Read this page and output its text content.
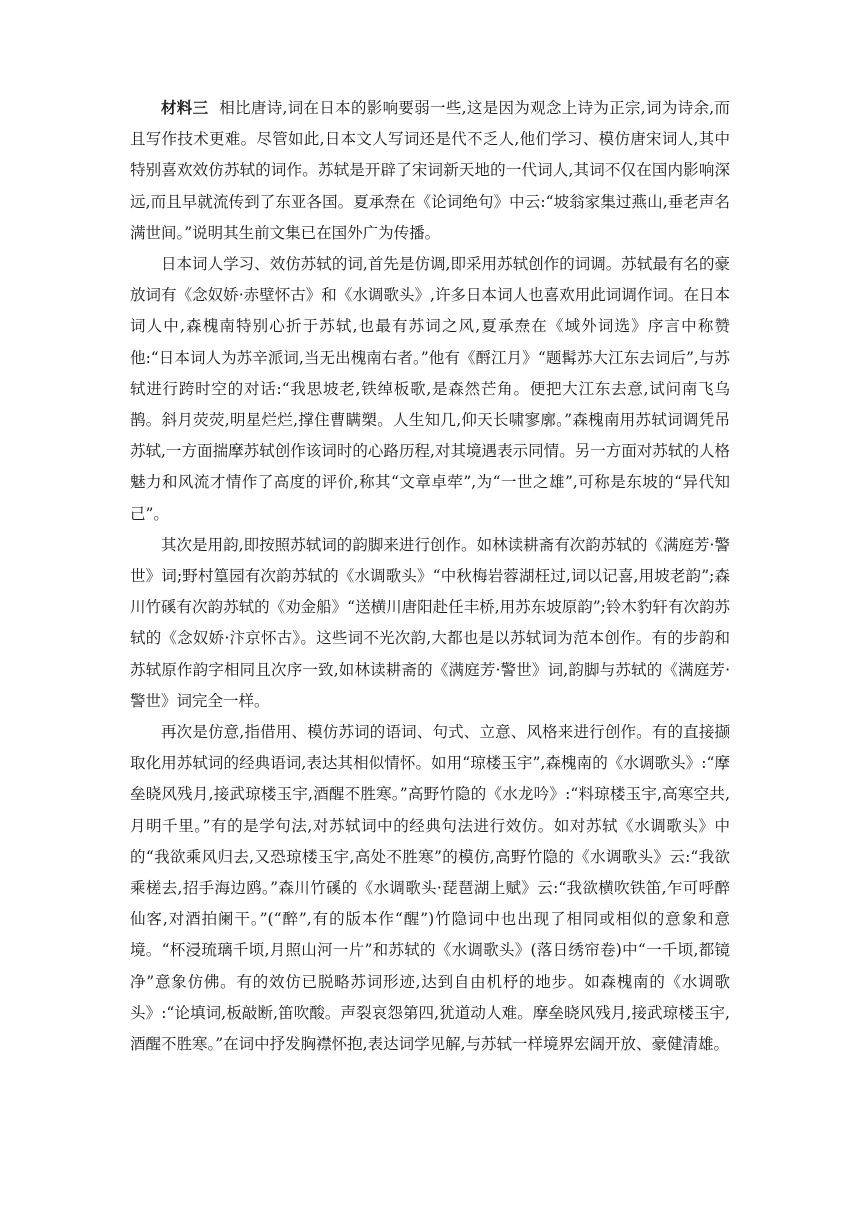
材料三 相比唐诗,词在日本的影响要弱一些,这是因为观念上诗为正宗,词为诗余,而且写作技术更难。尽管如此,日本文人写词还是代不乏人,他们学习、模仿唐宋词人,其中特别喜欢效仿苏轼的词作。苏轼是开辟了宋词新天地的一代词人,其词不仅在国内影响深远,而且早就流传到了东亚各国。夏承焘在《论词绝句》中云:“坡翁家集过燕山,垂老声名满世间。”说明其生前文集已在国外广为传播。

日本词人学习、效仿苏轼的词,首先是仿调,即采用苏轼创作的词调。苏轼最有名的豪放词有《念奴娇·赤壁怀古》和《水调歌头》,许多日本词人也喜欢用此词调作词。在日本词人中,森槐南特别心折于苏轼,也最有苏词之风,夏承焘在《域外词选》序言中称赞他:“日本词人为苏辛派词,当无出槐南右者。”他有《酹江月》“题髯苏大江东去词后”,与苏轼进行跨时空的对话:“我思坡老,铁绰板歌,是森然芒角。便把大江东去意,试问南飞乌鹊。斜月荧荧,明星烂烂,撑住曹瞒槊。人生知几,仰天长啸寥廓。”森槐南用苏轼词调凭吊苏轼,一方面揣摩苏轼创作该词时的心路历程,对其境遇表示同情。另一方面对苏轼的人格魅力和风流才情作了高度的评价,称其“文章卓荦”,为“一世之雄”,可称是东坡的“异代知己”。

其次是用韵,即按照苏轼词的韵脚来进行创作。如林读耕斋有次韵苏轼的《满庭芳·警世》词;野村篁园有次韵苏轼的《水调歌头》“中秋梅岩蓉湖枉过,词以记喜,用坡老韵”;森川竹磎有次韵苏轼的《劝金船》“送横川唐阳赴任丰桥,用苏东坡原韵”;铃木豹轩有次韵苏轼的《念奴娇·汴京怀古》。这些词不光次韵,大都也是以苏轼词为范本创作。有的步韵和苏轼原作韵字相同且次序一致,如林读耕斋的《满庭芳·警世》词,韵脚与苏轼的《满庭芳·警世》词完全一样。

再次是仿意,指借用、模仿苏词的语词、句式、立意、风格来进行创作。有的直接撷取化用苏轼词的经典语词,表达其相似情怀。如用“琼楼玉宇”,森槐南的《水调歌头》:“摩垒晓风残月,接武琼楼玉宇,酒醒不胜寒。”高野竹隐的《水龙吟》:“料琼楼玉宇,高寒空共,月明千里。”有的是学句法,对苏轼词中的经典句法进行效仿。如对苏轼《水调歌头》中的“我欲乘风归去,又恐琼楼玉宇,高处不胜寒”的模仿,高野竹隐的《水调歌头》云:“我欲乘槎去,招手海边鸥。”森川竹磎的《水调歌头·琵琶湖上赋》云:“我欲横吹铁笛,乍可呼醉仙客,对酒拍阑干。”(“醉”,有的版本作“醒”)竹隐词中也出现了相同或相似的意象和意境。“杯浸琉璃千顷,月照山河一片”和苏轼的《水调歌头》(落日绣帘卷)中“一千顷,都镜净”意象仿佛。有的效仿已脱略苏词形迹,达到自由机杼的地步。如森槐南的《水调歌头》:“论填词,板敲断,笛吹酸。声裂哀怨第四,犹道动人难。摩垒晓风残月,接武琼楼玉宇,酒醒不胜寒。”在词中抒发胸襟怀抱,表达词学见解,与苏轼一样境界宏阔开放、豪健清雄。
